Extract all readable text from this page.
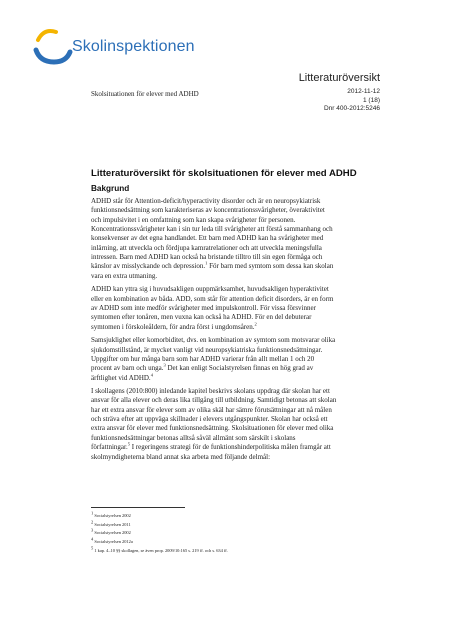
Skolinspektionen
Litteraturöversikt
Skolsituationen för elever med ADHD	2012-11-12
1 (18)
Dnr 400-2012:5246
Litteraturöversikt för skolsituationen för elever med ADHD
Bakgrund

ADHD står för Attention-deficit/hyperactivity disorder och är en neuropsykiatrisk
funktionsnedsättning som karakteriseras av koncentrationssvårigheter, överaktivitet
och impulsivitet i en omfattning som kan skapa svårigheter för personen.
Koncentrationssvårigheter kan i sin tur leda till svårigheter att förstå sammanhang och
konsekvenser av det egna handlandet. Ett barn med ADHD kan ha svårigheter med
inlärning, att utveckla och fördjupa kamratrelationer och att utveckla meningsfulla
intressen. Barn med ADHD kan också ha bristande tilltro till sin egen förmåga och
känslor av misslyckande och depression.$^1$ För barn med symtom som dessa kan skolan
vara en extra utmaning.

ADHD kan yttra sig i huvudsakligen ouppmärksamhet, huvudsakligen hyperaktivitet
eller en kombination av båda. ADD, som står för attention deficit disorders, är en form
av ADHD som inte medför svårigheter med impulskontroll. För vissa försvinner
symtomen efter tonåren, men vuxna kan också ha ADHD. För en del debuterar
symtomen i förskoleåldern, för andra först i ungdomsåren.$^2$

Samsjuklighet eller komorbiditet, dvs. en kombination av symtom som motsvarar olika
sjukdomstillstånd, är mycket vanligt vid neuropsykiatriska funktionsnedsättningar.
Uppgifter om hur många barn som har ADHD varierar från allt mellan 1 och 20
procent av barn och unga.$^3$ Det kan enligt Socialstyrelsen finnas en hög grad av
ärftlighet vid ADHD.$^4$

I skollagens (2010:800) inledande kapitel beskrivs skolans uppdrag där skolan har ett
ansvar för alla elever och deras lika tillgång till utbildning. Samtidigt betonas att skolan
har ett extra ansvar för elever som av olika skäl har sämre förutsättningar att nå målen
och sträva efter att uppväga skillnader i elevers utgångspunkter. Skolan har också ett
extra ansvar för elever med funktionsnedsättning. Skolsituationen för elever med olika
funktionsnedsättningar betonas alltså såväl allmänt som särskilt i skolans
författningar.$^5$ I regeringens strategi för de funktionshinderpolitiska målen framgår att
skolmyndigheterna bland annat ska arbeta med följande delmål:

$^1$ Socialstyrelsen 2002
$^2$ Socialstyrelsen 2011
$^3$ Socialstyrelsen 2002
$^4$ Socialstyrelsen 2012a
$^5$ 1 kap. 4–10 §§ skollagen, se även prop. 2009/10:165 s. 219 ff. och s. 634 ff.
